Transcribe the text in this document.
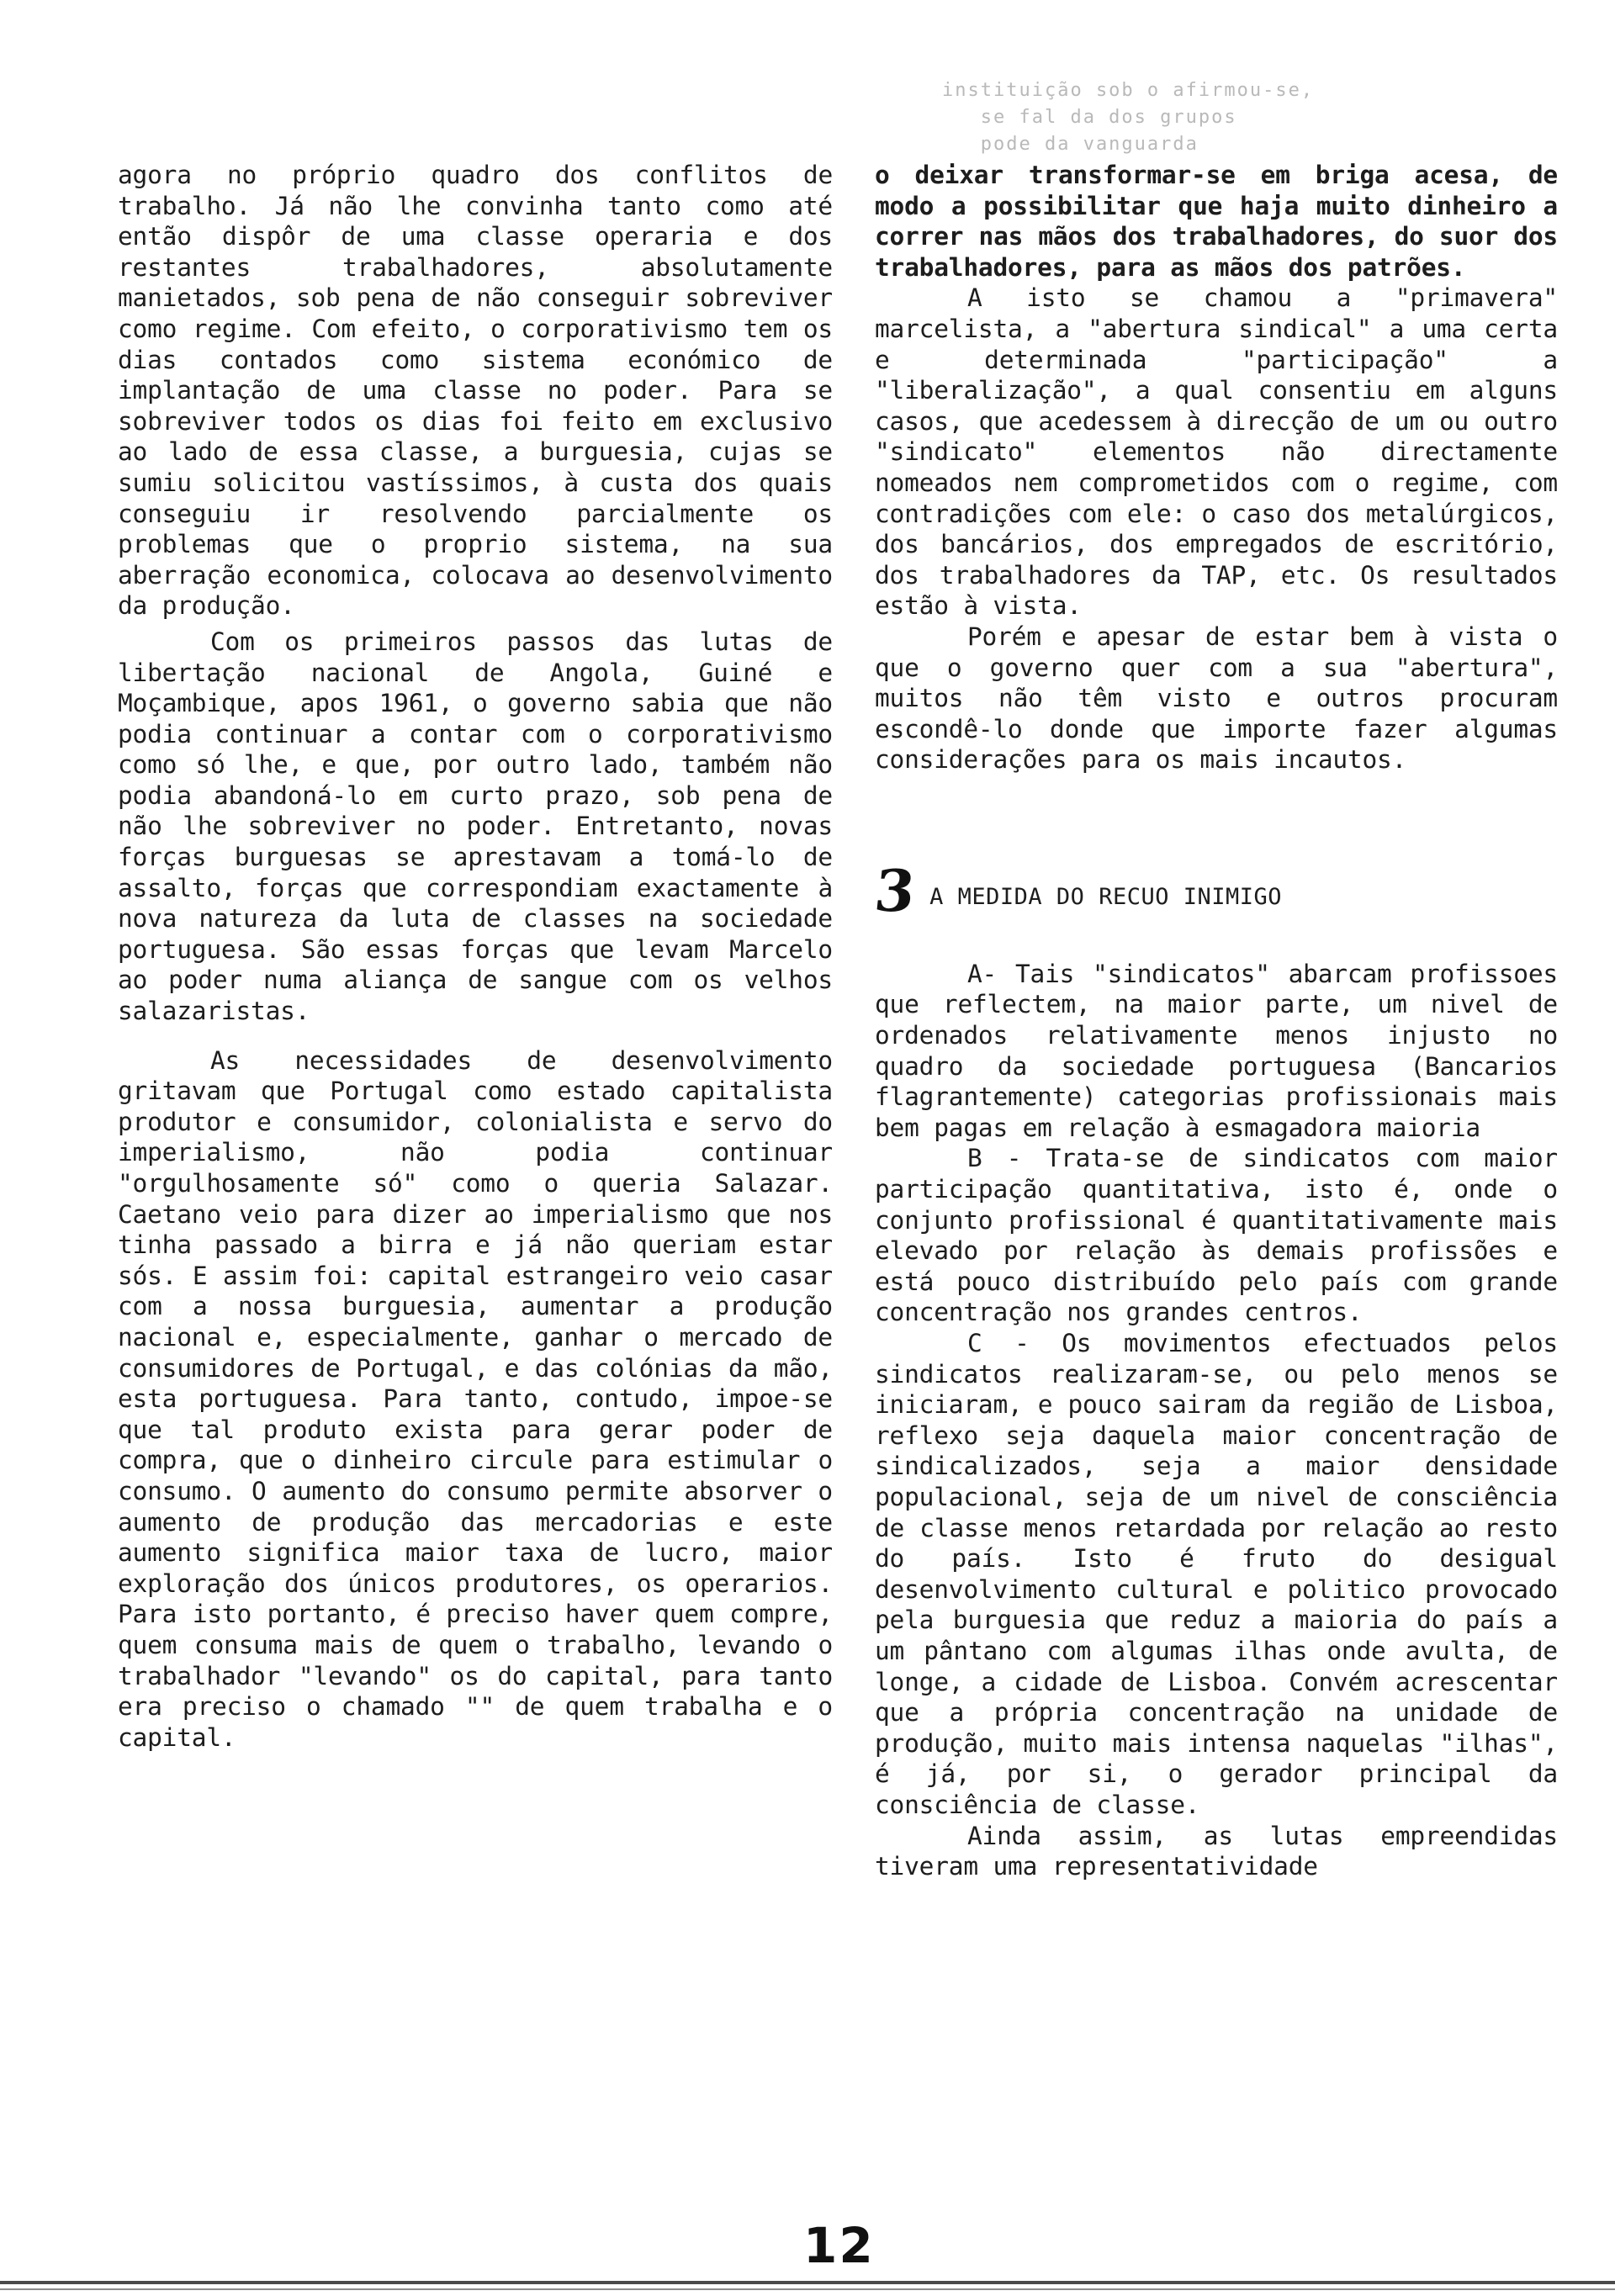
instituição sob o afirmou-se,
se fal da dos grupos
pode da vanguarda

agora no próprio quadro dos conflitos de trabalho. Já não lhe convinha tanto como até então dispôr de uma classe operaria e dos restantes trabalhadores, absolutamente manietados, sob pena de não conseguir sobreviver como regime. Com efeito, o corporativismo tem os dias contados como sistema económico de implantação de uma classe no poder. Para se sobreviver todos os dias foi feito em exclusivo ao lado de essa classe, a burguesia, cujas se sumiu solicitou vastíssimos, à custa dos quais conseguiu ir resolvendo parcialmente os problemas que o proprio sistema, na sua aberração economica, colocava ao desenvolvimento da produção.

Com os primeiros passos das lutas de libertação nacional de Angola, Guiné e Moçambique, apos 1961, o governo sabia que não podia continuar a contar com o corporativismo como só lhe, e que, por outro lado, também não podia abandoná-lo em curto prazo, sob pena de não lhe sobreviver no poder. Entretanto, novas forças burguesas se aprestavam a tomá-lo de assalto, forças que correspondiam exactamente à nova natureza da luta de classes na sociedade portuguesa. São essas forças que levam Marcelo ao poder numa aliança de sangue com os velhos salazaristas.

As necessidades de desenvolvimento gritavam que Portugal como estado capitalista produtor e consumidor, colonialista e servo do imperialismo, não podia continuar "orgulhosamente só" como o queria Salazar. Caetano veio para dizer ao imperialismo que nos tinha passado a birra e já não queriam estar sós. E assim foi: capital estrangeiro veio casar com a nossa burguesia, aumentar a produção nacional e, especialmente, ganhar o mercado de consumidores de Portugal, e das colónias da mão, esta portuguesa. Para tanto, contudo, impoe-se que tal produto exista para gerar poder de compra, que o dinheiro circule para estimular o consumo. O aumento do consumo permite absorver o aumento de produção das mercadorias e este aumento significa maior taxa de lucro, maior exploração dos únicos produtores, os operarios. Para isto portanto, é preciso haver quem compre, quem consuma mais de quem o trabalho, levando o trabalhador "levando" os do capital, para tanto era preciso o chamado "" de quem trabalha e o capital.

o deixar transformar-se em briga acesa, de modo a possibilitar que haja muito dinheiro a correr nas mãos dos trabalhadores, do suor dos trabalhadores, para as mãos dos patrões.

A isto se chamou a "primavera" marcelista, a "abertura sindical" a uma certa e determinada "participação" a "liberalização", a qual consentiu em alguns casos, que acedessem à direcção de um ou outro "sindicato" elementos não directamente nomeados nem comprometidos com o regime, com contradições com ele: o caso dos metalúrgicos, dos bancários, dos empregados de escritório, dos trabalhadores da TAP, etc. Os resultados estão à vista.

Porém e apesar de estar bem à vista o que o governo quer com a sua "abertura", muitos não têm visto e outros procuram escondê-lo donde que importe fazer algumas considerações para os mais incautos.

3 A MEDIDA DO RECUO INIMIGO

A- Tais "sindicatos" abarcam profissoes que reflectem, na maior parte, um nivel de ordenados relativamente menos injusto no quadro da sociedade portuguesa (Bancarios flagrantemente) categorias profissionais mais bem pagas em relação à esmagadora maioria

B - Trata-se de sindicatos com maior participação quantitativa, isto é, onde o conjunto profissional é quantitativamente mais elevado por relação às demais profissões e está pouco distribuído pelo país com grande concentração nos grandes centros.

C - Os movimentos efectuados pelos sindicatos realizaram-se, ou pelo menos se iniciaram, e pouco sairam da região de Lisboa, reflexo seja daquela maior concentração de sindicalizados, seja a maior densidade populacional, seja de um nivel de consciência de classe menos retardada por relação ao resto do país. Isto é fruto do desigual desenvolvimento cultural e politico provocado pela burguesia que reduz a maioria do país a um pântano com algumas ilhas onde avulta, de longe, a cidade de Lisboa. Convém acrescentar que a própria concentração na unidade de produção, muito mais intensa naquelas "ilhas", é já, por si, o gerador principal da consciência de classe.

Ainda assim, as lutas empreendidas tiveram uma representatividade

12
